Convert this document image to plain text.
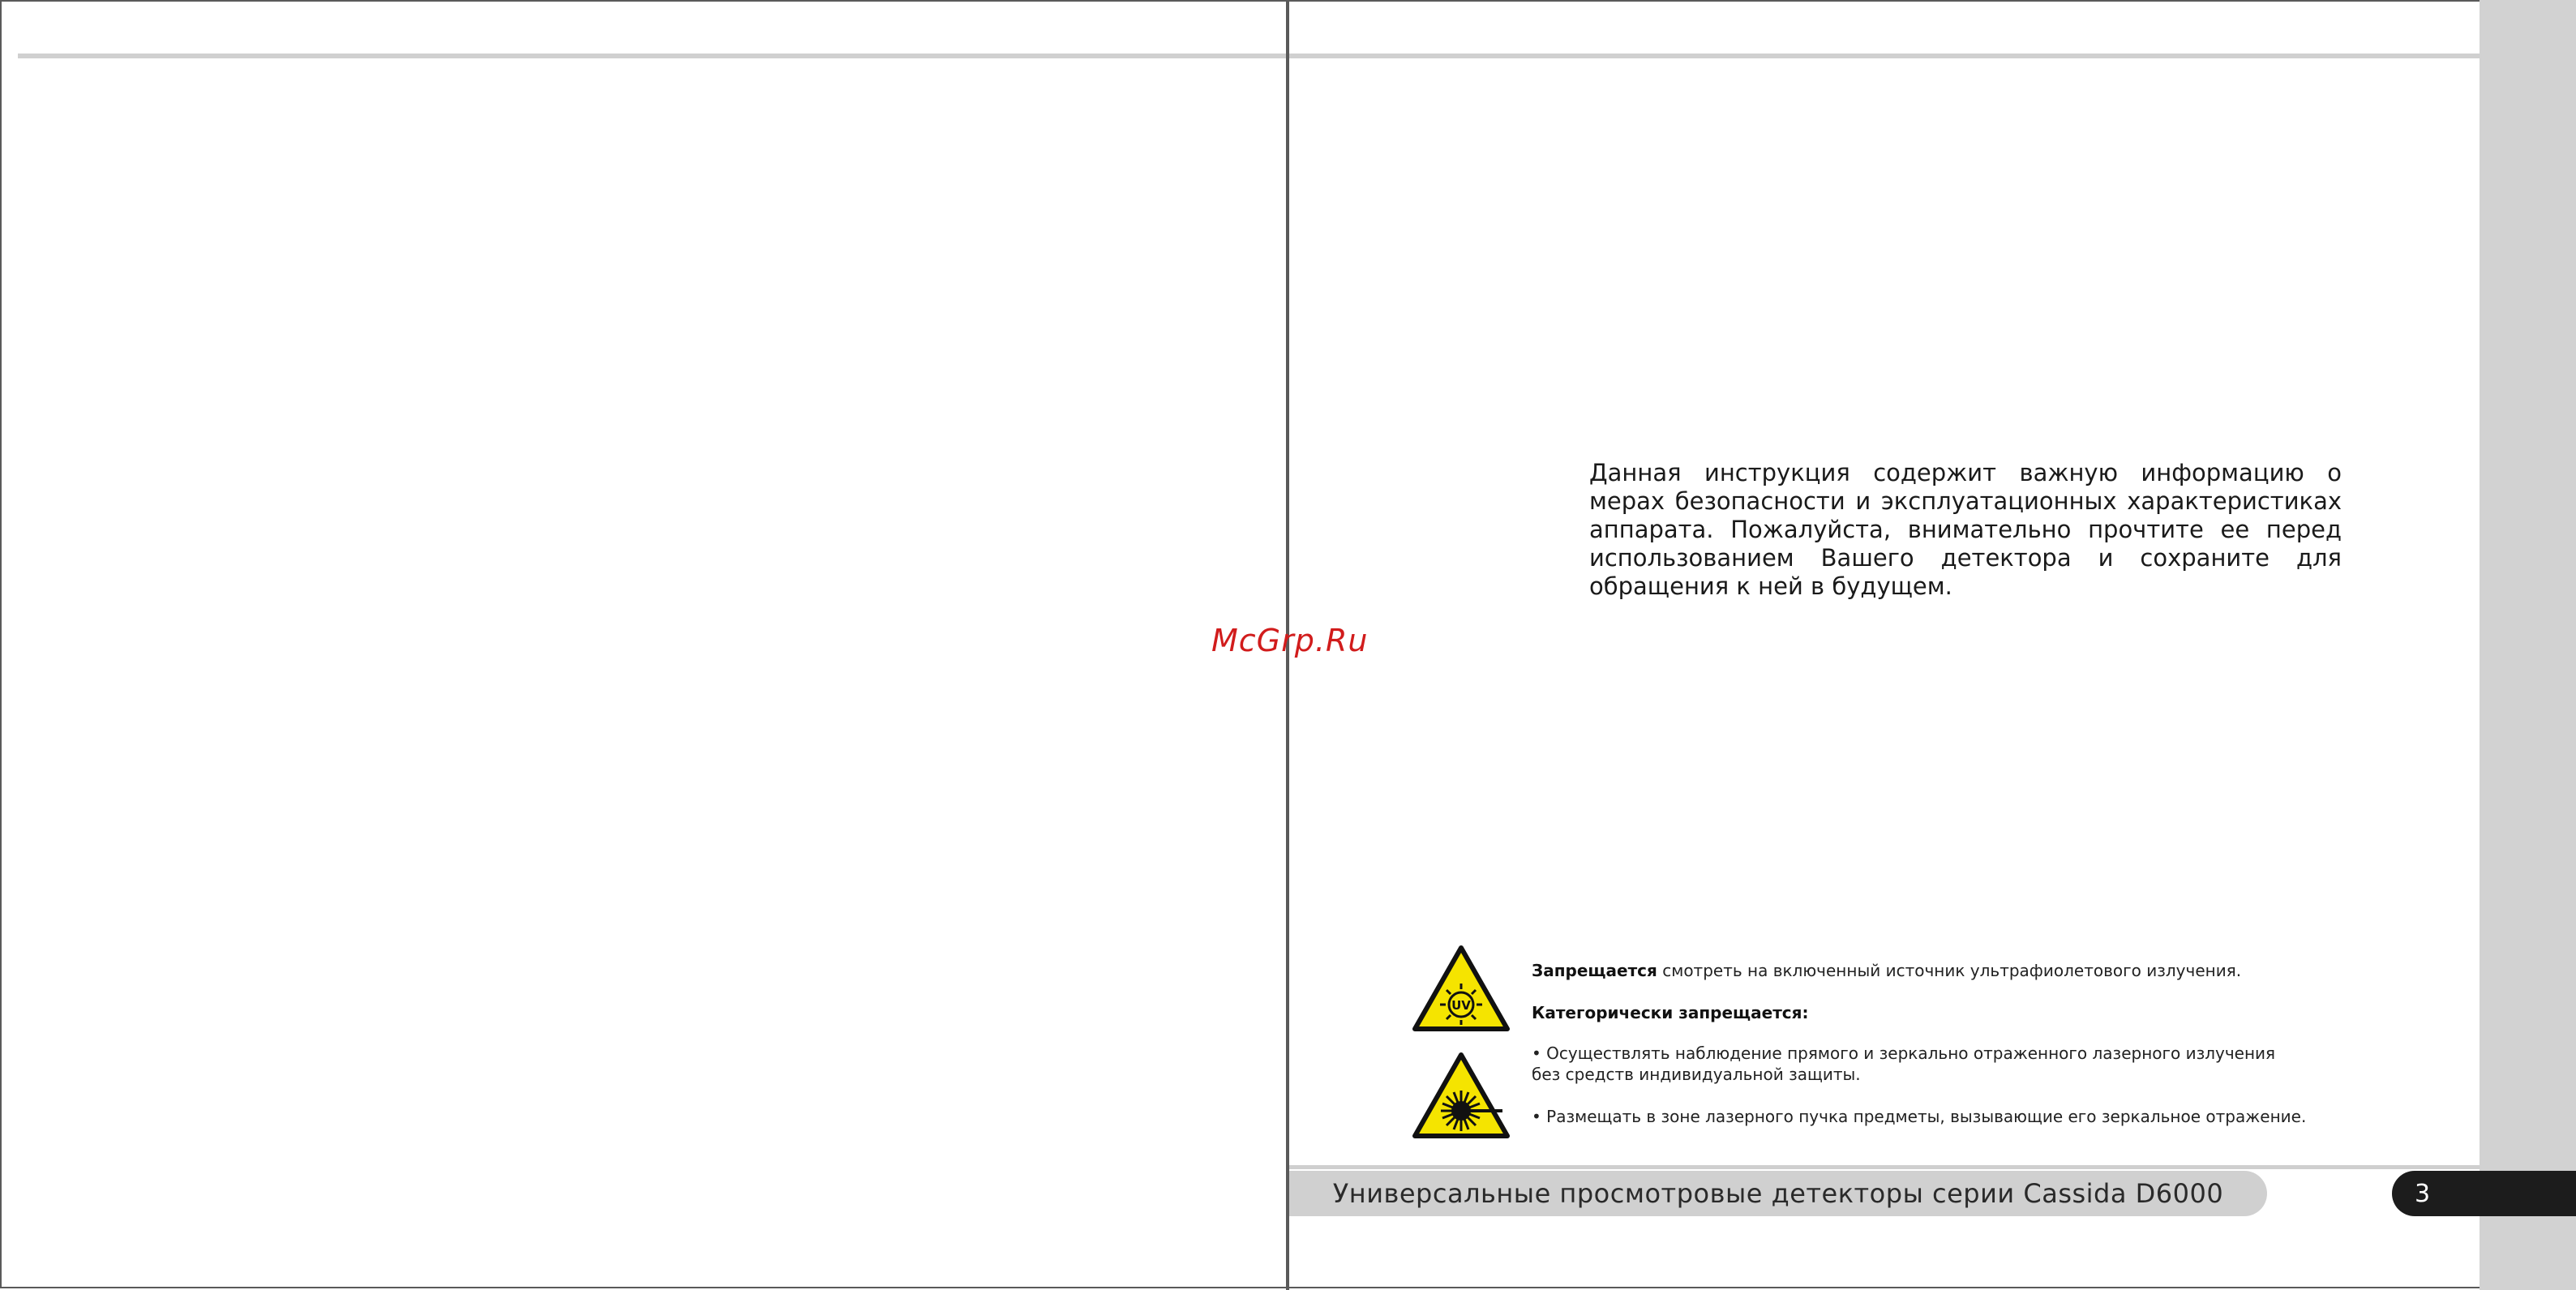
Данная инструкция содержит важную информацию о мерах безопасности и эксплуатационных характеристиках аппарата. Пожалуйста, внимательно прочтите ее перед использованием Вашего детектора и сохраните для обращения к ней в будущем.

McGrp.Ru
UV

Запрещается смотреть на включенный источник ультрафиолетового излучения.

Категорически запрещается:

• Осуществлять наблюдение прямого и зеркально отраженного лазерного излучения
без средств индивидуальной защиты.

• Размещать в зоне лазерного пучка предметы, вызывающие его зеркальное отражение.

Универсальные просмотровые детекторы серии Cassida D6000	3
